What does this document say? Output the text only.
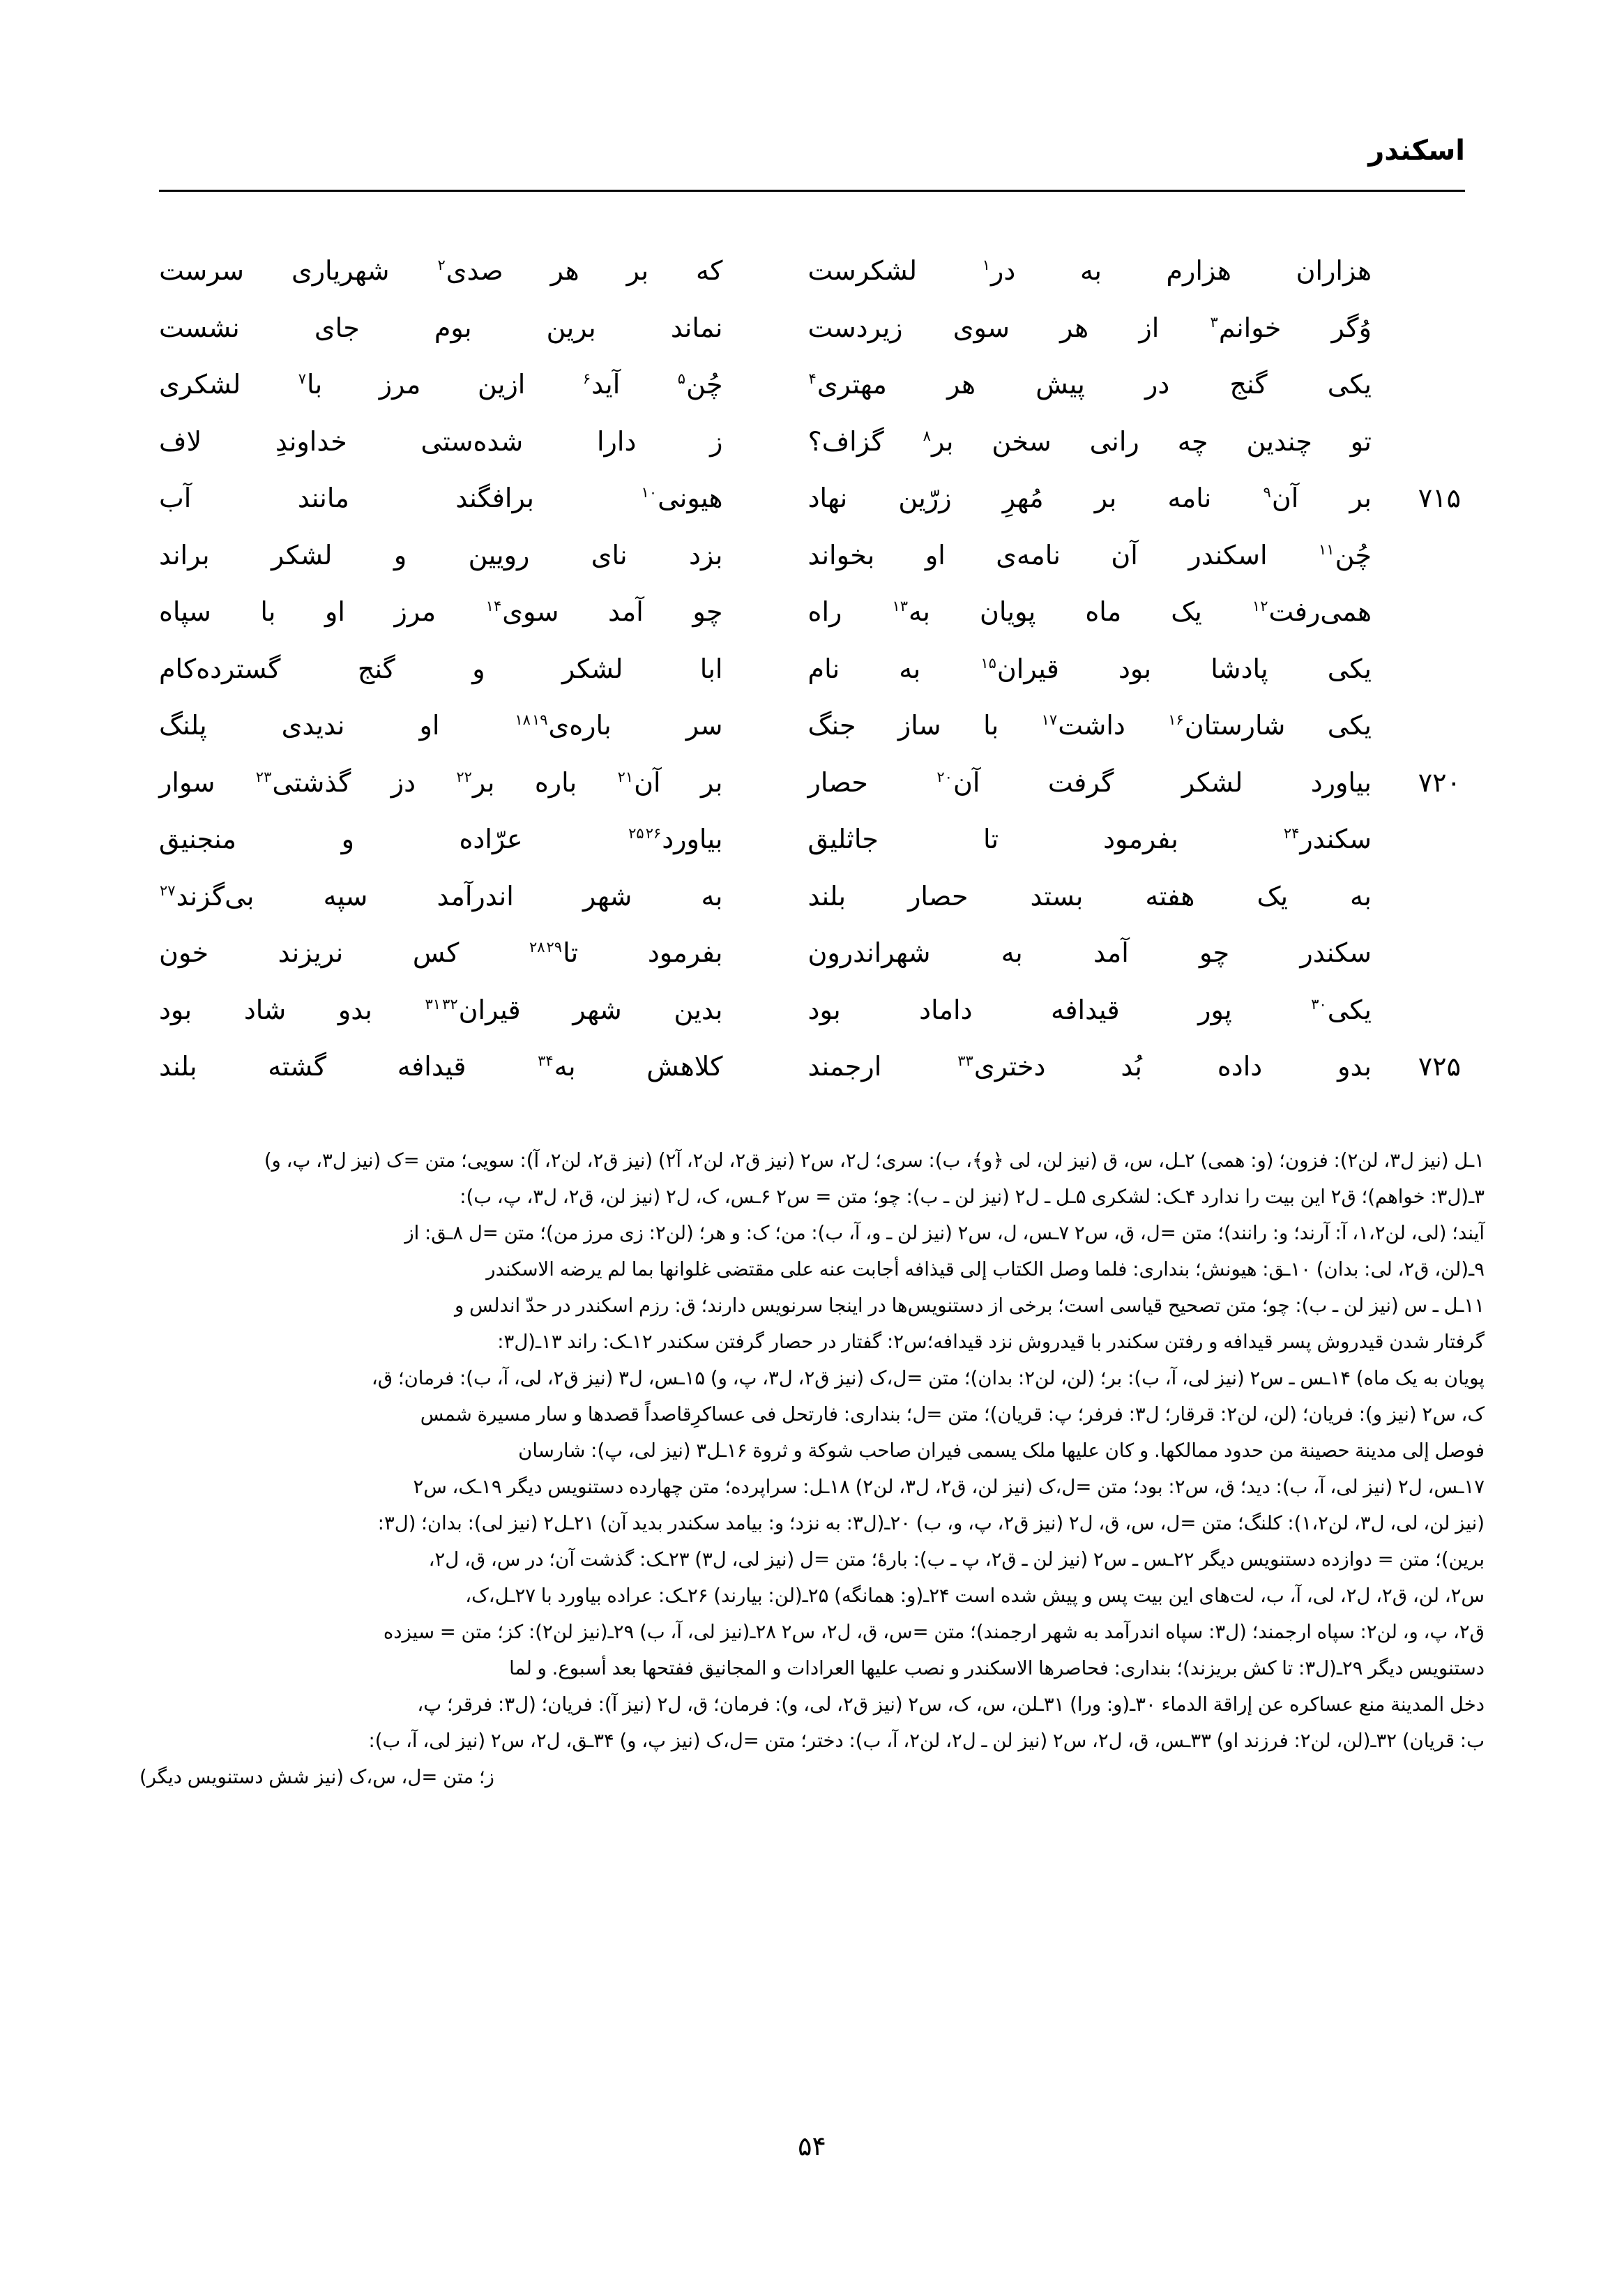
اسکندر
هزاران
هزارم
به
در$^۱$
لشکرست
که
بر
هر
صدی$^۲$
شهریاری
سرست
وُگر
خوانم$^۳$
از
هر
سوی
زیردست
نماند
برین
بوم
جای
نشست
یکی
گنج
در
پیش
هر
مهتری$^۴$
چُن$^۵$
آید$^۶$
ازین
مرز
با$^۷$
لشکری
تو
چندین
چه
رانی
سخن
بر$^۸$
گزاف؟
ز
دارا
شده‌ستی
خداوندِ
لاف
۷۱۵
بر
آن$^۹$
نامه
بر
مُهرِ
زرّین
نهاد
هیونی$^{۱۰}$
برافگند
مانند
آب
چُن$^{۱۱}$
اسکندر
آن
نامه‌ی
او
بخواند
بزد
نای
رویین
و
لشکر
براند
همی‌رفت$^{۱۲}$
یک
ماه
پویان
به$^{۱۳}$
راه
چو
آمد
سوی$^{۱۴}$
مرز
او
با
سپاه
یکی
پادشا
بود
قیران$^{۱۵}$
به
نام
ابا
لشکر
و
گنج
گسترده‌کام
یکی
شارستان$^{۱۶}$
داشت$^{۱۷}$
با
ساز
جنگ
سر
باره‌ی$^{۱۸۱۹}$
او
ندیدی
پلنگ
۷۲۰
بیاورد
لشکر
گرفت
آن$^{۲۰}$
حصار
بر
آن$^{۲۱}$
باره
بر$^{۲۲}$
دز
گذشتی$^{۲۳}$
سوار
سکندر$^{۲۴}$
بفرمود
تا
جاثلیق
بیاورد$^{۲۵۲۶}$
عرّاده
و
منجنیق
به
یک
هفته
بستد
حصار
بلند
به
شهر
اندرآمد
سپه
بی‌گزند$^{۲۷}$
سکندر
چو
آمد
به
شهراندرون
بفرمود
تا$^{۲۸۲۹}$
کس
نریزند
خون
یکی$^{۳۰}$
پور
قیدافه
داماد
بود
بدین
شهر
قیران$^{۳۱۳۲}$
بدو
شاد
بود
۷۲۵
بدو
داده
بُد
دختری$^{۳۳}$
ارجمند
کلاهش
به$^{۳۴}$
قیدافه
گشته
بلند
۱ـل (نیز ل۳، لن۲): فزون؛ (و: همی) ۲ـل، س، ق (نیز لن، لی ﴿و﴾، ب): سری؛ ل۲، س۲ (نیز ق۲، لن۲، آ۲) (نیز ق۲، لن۲، آ): سویی؛ متن =ک (نیز ل۳، پ، و)
۳ـ(ل۳: خواهم)؛ ق۲ این بیت را ندارد ۴ـک: لشکری ۵ـل ـ ل۲ (نیز لن ـ ب): چو؛ متن = س۲ ۶ـس، ک، ل۲ (نیز لن، ق۲، ل۳، پ، ب):
آیند؛ (لی، لن۱،۲، آ: آرند؛ و: رانند)؛ متن =ل، ق، س۲ ۷ـس، ل، س۲ (نیز لن ـ و، آ، ب): من؛ ک: و هر؛ (لن۲: زی مرز من)؛ متن =ل ۸ـق: از
۹ـ(لن، ق۲، لی: بدان) ۱۰ـق: هیونش؛ بنداری: فلما وصل الکتاب إلی قیذافه أجابت عنه علی مقتضی غلوانها بما لم یرضه الاسکندر
۱۱ـل ـ س (نیز لن ـ ب): چو؛ متن تصحیح قیاسی است؛ برخی از دستنویس‌ها در اینجا سرنویس دارند؛ ق: رزم اسکندر در حدّ اندلس و
گرفتار شدن قیدروش پسر قیدافه و رفتن سکندر با قیدروش نزد قیدافه؛س۲: گفتار در حصار گرفتن سکندر ۱۲ـک: راند ۱۳ـ(ل۳:
پویان به یک ماه) ۱۴ـس ـ س۲ (نیز لی، آ، ب): بر؛ (لن، لن۲: بدان)؛ متن =ل،ک (نیز ق۲، ل۳، پ، و) ۱۵ـس، ل۳ (نیز ق۲، لی، آ، ب): فرمان؛ ق،
ک، س۲ (نیز و): فریان؛ (لن، لن۲: قرقار؛ ل۳: فرفر؛ پ: قریان)؛ متن =ل؛ بنداری: فارتحل فی عساکرِقاصداً قصدها و سار مسیرة شمس
فوصل إلی مدینة حصینة من حدود ممالکها. و کان علیها ملک یسمی فیران صاحب شوکة و ثروة ۱۶ـل۳ (نیز لی، پ): شارسان
۱۷ـس، ل۲ (نیز لی، آ، ب): دید؛ ق، س۲: بود؛ متن =ل،ک (نیز لن، ق۲، ل۳، لن۲) ۱۸ـل: سراپرده؛ متن چهارده دستنویس دیگر ۱۹ـک، س۲
(نیز لن، لی، ل۳، لن۱،۲): کلنگ؛ متن =ل، س، ق، ل۲ (نیز ق۲، پ، و، ب) ۲۰ـ(ل۳: به نزد؛ و: بیامد سکندر بدید آن) ۲۱ـل۲ (نیز لی): بدان؛ (ل۳:
برین)؛ متن = دوازده دستنویس دیگر ۲۲ـس ـ س۲ (نیز لن ـ ق۲، پ ـ ب): بارهٔ؛ متن =ل (نیز لی، ل۳) ۲۳ـک: گذشت آن؛ در س، ق، ل۲،
س۲، لن، ق۲، ل۲، لی، آ، ب، لت‌های این بیت پس و پیش شده است ۲۴ـ(و: همانگه) ۲۵ـ(لن: بیارند) ۲۶ـک: عراده بیاورد با ۲۷ـل،ک،
ق۲، پ، و، لن۲: سپاه ارجمند؛ (ل۳: سپاه اندرآمد به شهر ارجمند)؛ متن =س، ق، ل۲، س۲ ۲۸ـ(نیز لی، آ، ب) ۲۹ـ(نیز لن۲): کز؛ متن = سیزده
دستنویس دیگر ۲۹ـ(ل۳: تا کش بریزند)؛ بنداری: فحاصرها الاسکندر و نصب علیها العرادات و المجانیق ففتحها بعد أسبوع. و لما
دخل المدینة منع عساکره عن إراقة الدماء ۳۰ـ(و: ورا) ۳۱ـلن، س، ک، س۲ (نیز ق۲، لی، و): فرمان؛ ق، ل۲ (نیز آ): فریان؛ (ل۳: فرقر؛ پ،
ب: قریان) ۳۲ـ(لن، لن۲: فرزند او) ۳۳ـس، ق، ل۲، س۲ (نیز لن ـ ل۲، لن۲، آ، ب): دختر؛ متن =ل،ک (نیز پ، و) ۳۴ـق، ل۲، س۲ (نیز لی، آ، ب):
ز؛ متن =ل، س،ک (نیز شش دستنویس دیگر)
۵۴
